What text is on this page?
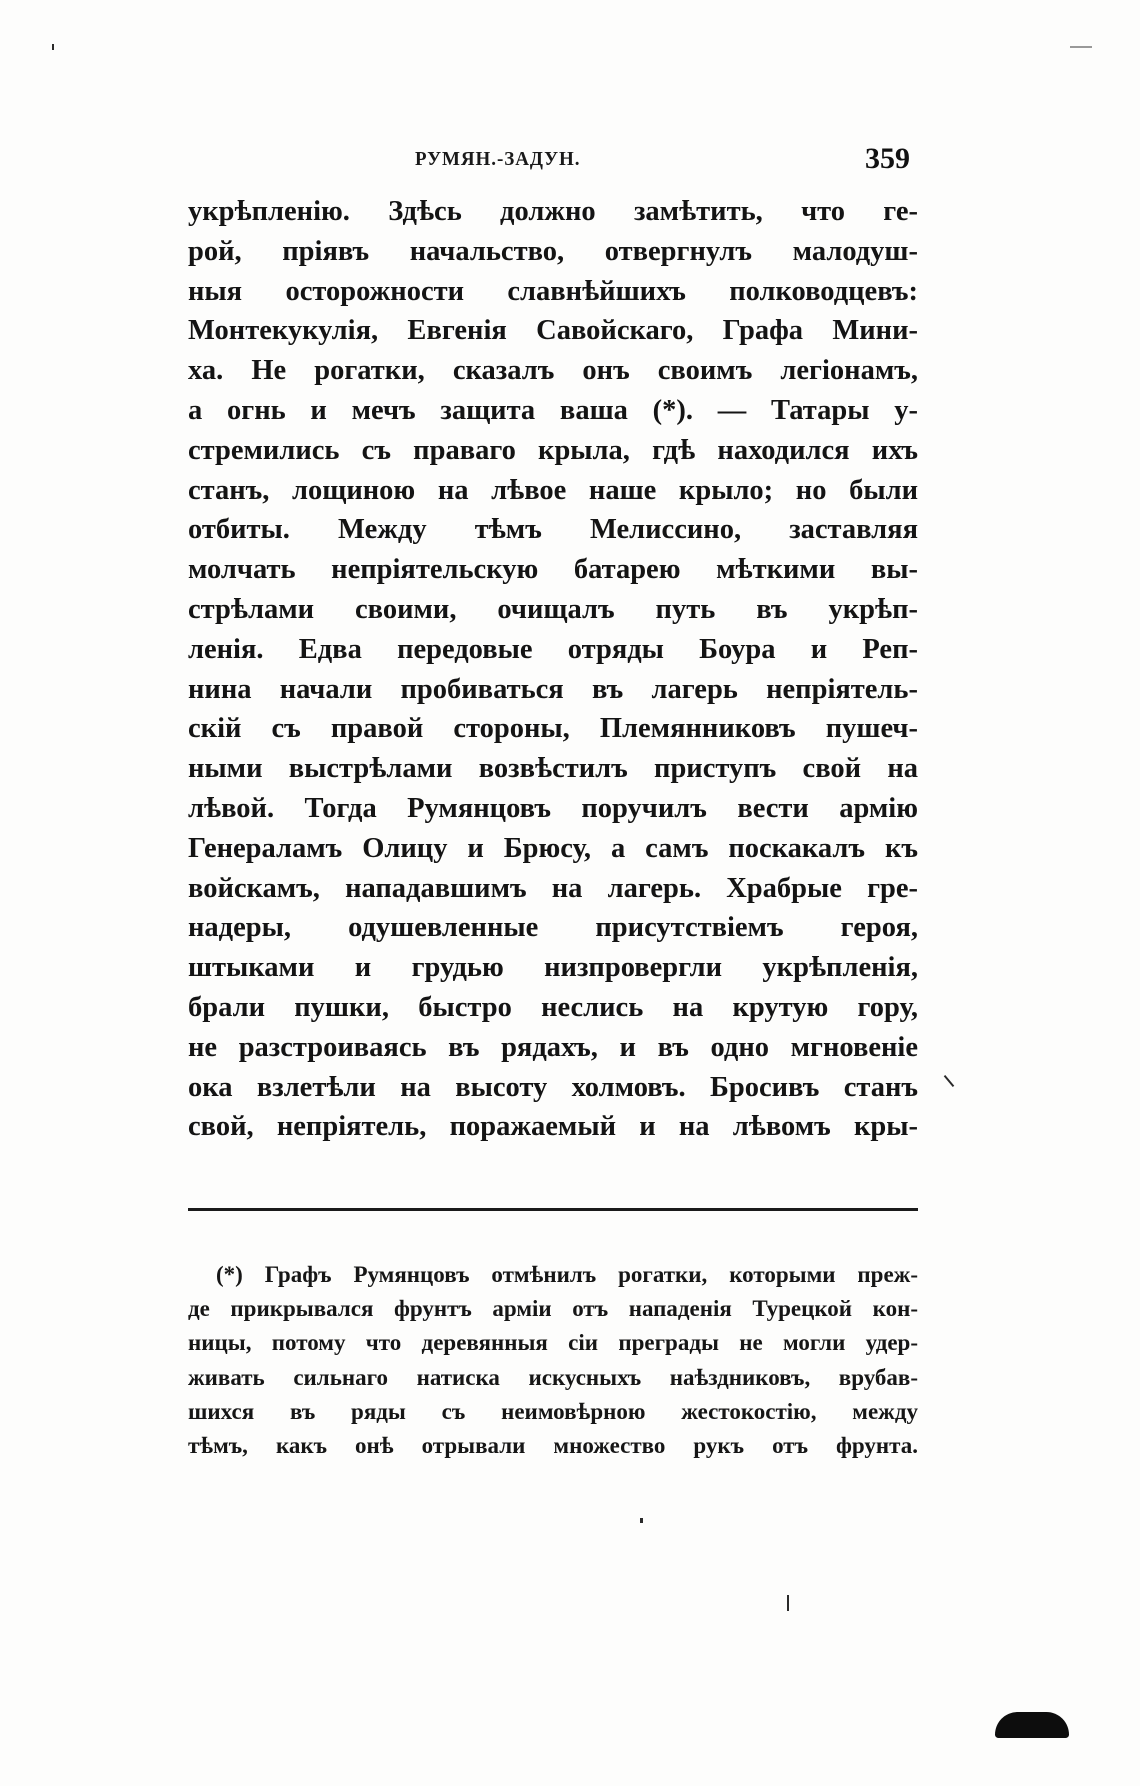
РУМЯН.-ЗАДУН.	359
укрѣпленію. Здѣсь должно замѣтить, что ге-
рой, пріявъ начальство, отвергнулъ малодуш-
ныя осторожности славнѣйшихъ полководцевъ:
Монтекукулія, Евгенія Савойскаго, Графа Мини-
ха. Не рогатки, сказалъ онъ своимъ легіонамъ,
а огнь и мечъ защита ваша (*). — Татары у-
стремились съ праваго крыла, гдѣ находился ихъ
станъ, лощиною на лѣвое наше крыло; но были
отбиты. Между тѣмъ Мелиссино, заставляя
молчать непріятельскую батарею мѣткими вы-
стрѣлами своими, очищалъ путь въ укрѣп-
ленія. Едва передовые отряды Боура и Реп-
нина начали пробиваться въ лагерь непріятель-
скій съ правой стороны, Племянниковъ пушеч-
ными выстрѣлами возвѣстилъ приступъ свой на
лѣвой. Тогда Румянцовъ поручилъ вести армію
Генераламъ Олицу и Брюсу, а самъ поскакалъ къ
войскамъ, нападавшимъ на лагерь. Храбрые гре-
надеры, одушевленные присутствіемъ героя,
штыками и грудью низпровергли укрѣпленія,
брали пушки, быстро неслись на крутую гору,
не разстроиваясь въ рядахъ, и въ одно мгновеніе
ока взлетѣли на высоту холмовъ. Бросивъ станъ
свой, непріятель, поражаемый и на лѣвомъ кры-
(*) Графъ Румянцовъ отмѣнилъ рогатки, которыми преж-
де прикрывался фрунтъ арміи отъ нападенія Турецкой кон-
ницы, потому что деревянныя сіи преграды не могли удер-
живать сильнаго натиска искусныхъ наѣздниковъ, врубав-
шихся въ ряды съ неимовѣрною жестокостію, между
тѣмъ, какъ онѣ отрывали множество рукъ отъ фрунта.
